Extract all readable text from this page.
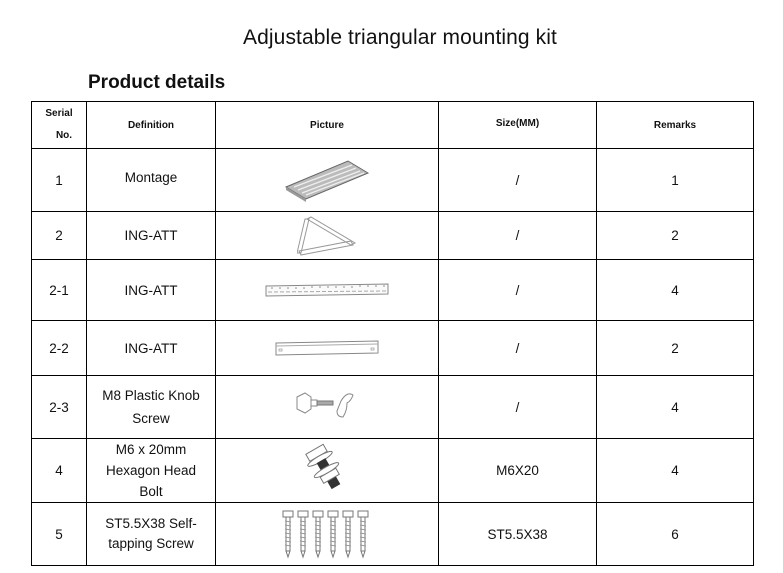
Adjustable triangular mounting kit
Product details
Serial
No.	Definition	Picture	Size(MM)	Remarks
1	Montage		/	1
2	ING-ATT		/	2
2-1	ING-ATT		/	4
2-2	ING-ATT		/	2
2-3	M8 Plastic Knob Screw		/	4
4	M6 x 20mm Hexagon Head Bolt		M6X20	4
5	ST5.5X38 Self-tapping Screw		ST5.5X38	6
